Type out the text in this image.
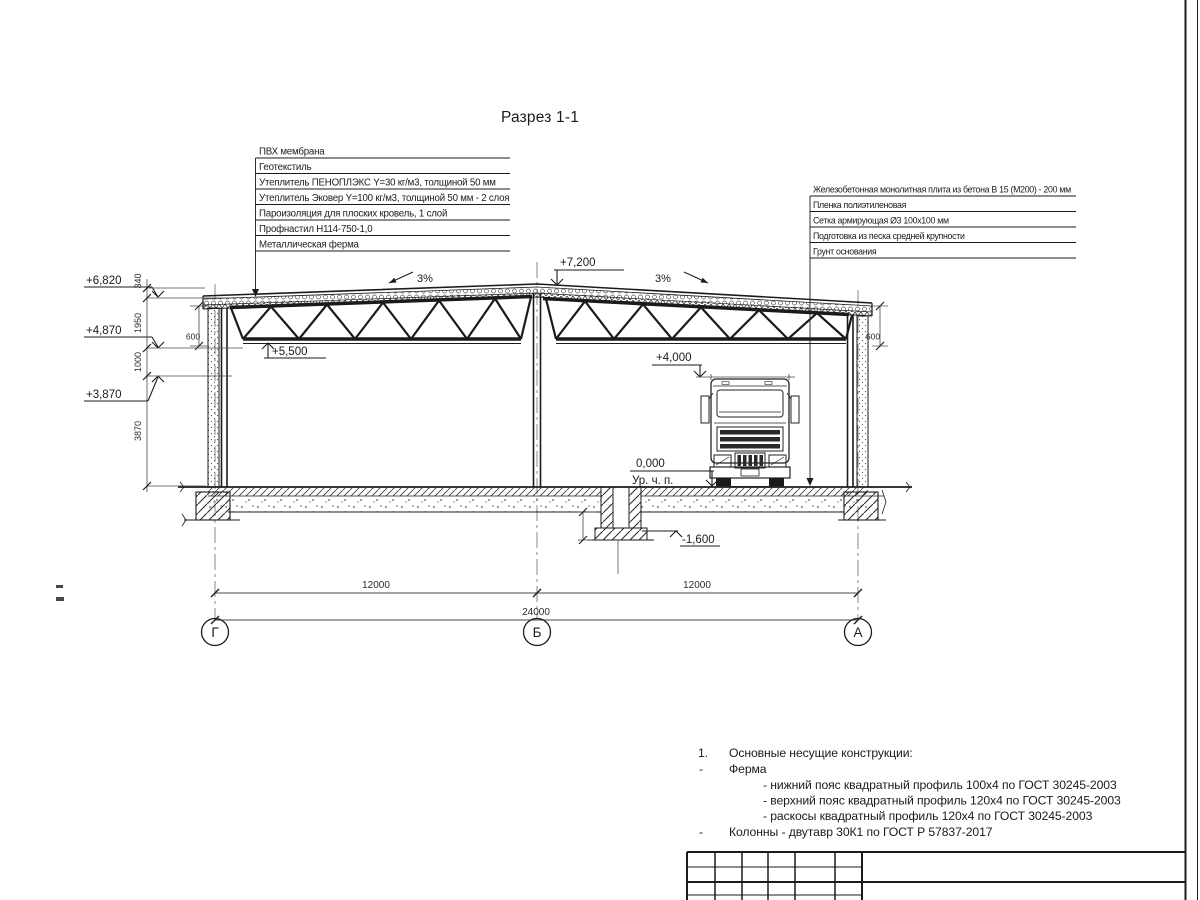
Разрез 1-1
ПВХ мембрана
Геотекстиль
Утеплитель ПЕНОПЛЭКС Y=30 кг/м3, толщиной 50 мм
Утеплитель Эковер Y=100 кг/м3, толщиной 50 мм - 2 слоя
Пароизоляция для плоских кровель, 1 слой
Профнастил Н114-750-1,0
Металлическая ферма
Железобетонная монолитная плита из бетона В 15 (М200) - 200 мм
Пленка полиэтиленовая
Сетка армирующая Ø3 100х100 мм
Подготовка из песка средней крупности
Грунт основания
+6,820
+4,870
+3,870
+7,200
+5,500	+4,000
0,000
Ур. ч. п.
-1,600
3%	3%
340
1950
1000
3870
600	600
12000	12000
24000
Г	Б	А
1. Основные несущие конструкции:
- Ферма
- нижний пояс квадратный профиль 100х4 по ГОСТ 30245-2003
- верхний пояс квадратный профиль 120х4 по ГОСТ 30245-2003
- раскосы квадратный профиль 120х4 по ГОСТ 30245-2003
- Колонны - двутавр 30К1 по ГОСТ Р 57837-2017
